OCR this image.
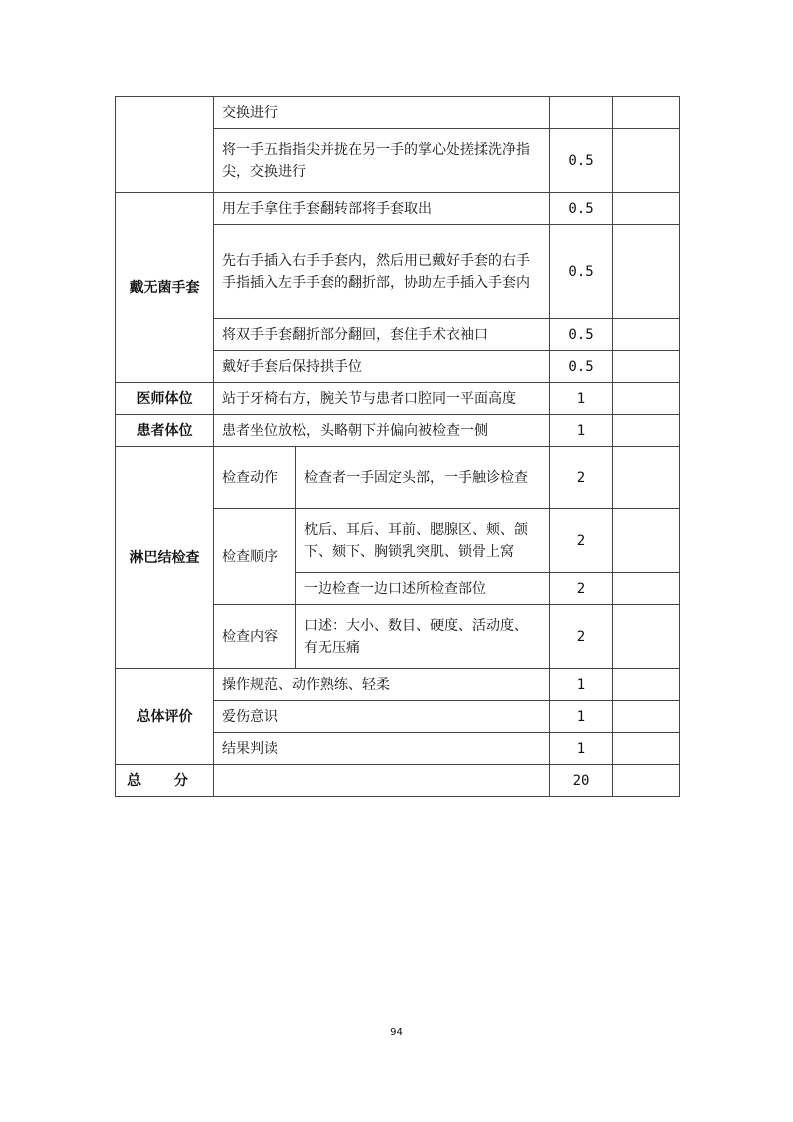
	交换进行			
	将一手五指指尖并拢在另一手的掌心处搓揉洗净指尖，交换进行		0.5	
戴无菌手套	用左手拿住手套翻转部将手套取出		0.5	
	先右手插入右手手套内，然后用已戴好手套的右手手指插入左手手套的翻折部，协助左手插入手套内		0.5	
	将双手手套翻折部分翻回，套住手术衣袖口		0.5	
	戴好手套后保持拱手位		0.5	
医师体位	站于牙椅右方，腕关节与患者口腔同一平面高度		1	
患者体位	患者坐位放松，头略朝下并偏向被检查一侧		1	
淋巴结检查	检查动作	检查者一手固定头部，一手触诊检查	2	
	检查顺序	枕后、耳后、耳前、腮腺区、颊、颌下、颏下、胸锁乳突肌、锁骨上窝	2	
		一边检查一边口述所检查部位	2	
	检查内容	口述：大小、数目、硬度、活动度、有无压痛	2	
总体评价	操作规范、动作熟练、轻柔		1	
	爱伤意识		1	
	结果判读		1	
总 分			20	
94
